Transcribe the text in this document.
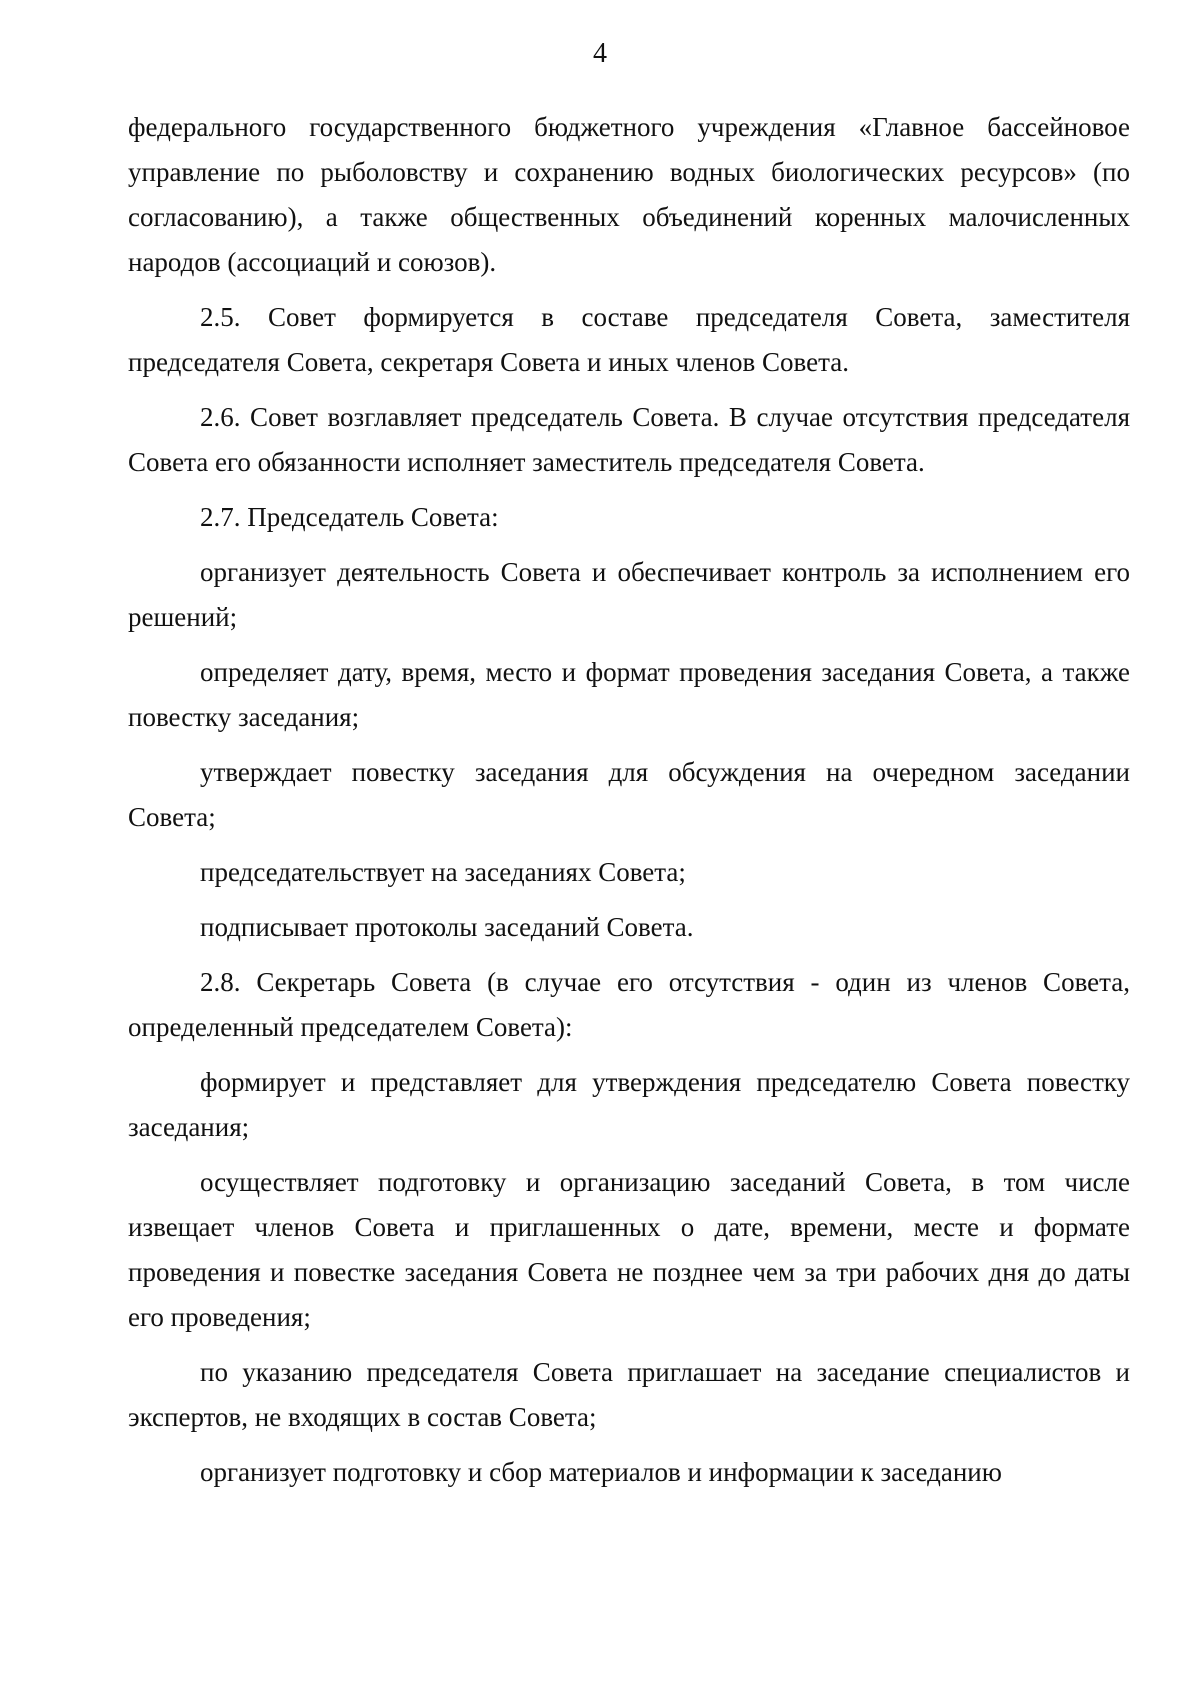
4

федерального государственного бюджетного учреждения «Главное бассейновое управление по рыболовству и сохранению водных биологических ресурсов» (по согласованию), а также общественных объединений коренных малочисленных народов (ассоциаций и союзов).

2.5. Совет формируется в составе председателя Совета, заместителя председателя Совета, секретаря Совета и иных членов Совета.

2.6. Совет возглавляет председатель Совета. В случае отсутствия председателя Совета его обязанности исполняет заместитель председателя Совета.

2.7. Председатель Совета:

организует деятельность Совета и обеспечивает контроль за исполнением его решений;

определяет дату, время, место и формат проведения заседания Совета, а также повестку заседания;

утверждает повестку заседания для обсуждения на очередном заседании Совета;

председательствует на заседаниях Совета;

подписывает протоколы заседаний Совета.

2.8. Секретарь Совета (в случае его отсутствия - один из членов Совета, определенный председателем Совета):

формирует и представляет для утверждения председателю Совета повестку заседания;

осуществляет подготовку и организацию заседаний Совета, в том числе извещает членов Совета и приглашенных о дате, времени, месте и формате проведения и повестке заседания Совета не позднее чем за три рабочих дня до даты его проведения;

по указанию председателя Совета приглашает на заседание специалистов и экспертов, не входящих в состав Совета;

организует подготовку и сбор материалов и информации к заседанию
